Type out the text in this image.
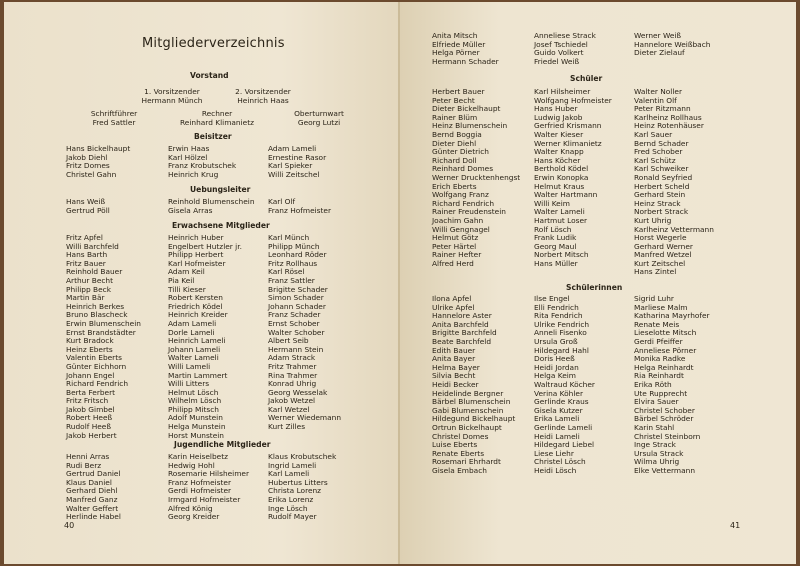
Mitgliederverzeichnis
Vorstand
1. Vorsitzender
Hermann Münch
2. Vorsitzender
Heinrich Haas
Schriftführer
Fred Sattler
Rechner
Reinhard Klimanietz
Oberturnwart
Georg Lutzi
Beisitzer
Hans Bickelhaupt
Jakob Diehl
Fritz Domes
Christel Gahn
Erwin Haas
Karl Hölzel
Franz Krobutschek
Heinrich Krug
Adam Lameli
Ernestine Rasor
Karl Spieker
Willi Zeitschel
Uebungsleiter
Hans Weiß
Gertrud Pöll
Reinhold Blumenschein
Gisela Arras
Karl Olf
Franz Hofmeister
Erwachsene Mitglieder
Fritz Apfel
Willi Barchfeld
Hans Barth
Fritz Bauer
Reinhold Bauer
Arthur Becht
Philipp Beck
Martin Bär
Heinrich Berkes
Bruno Blascheck
Erwin Blumenschein
Ernst Brandstädter
Kurt Bradock
Heinz Eberts
Valentin Eberts
Günter Eichhorn
Johann Engel
Richard Fendrich
Berta Ferbert
Fritz Fritsch
Jakob Gimbel
Robert Heeß
Rudolf Heeß
Jakob Herbert
Heinrich Huber
Engelbert Hutzler jr.
Philipp Herbert
Karl Hofmeister
Adam Keil
Pia Keil
Tilli Kieser
Robert Kersten
Friedrich Ködel
Heinrich Kreider
Adam Lameli
Dorle Lameli
Heinrich Lameli
Johann Lameli
Walter Lameli
Willi Lameli
Martin Lammert
Willi Litters
Helmut Lösch
Wilhelm Lösch
Philipp Mitsch
Adolf Munstein
Helga Munstein
Horst Munstein
Karl Münch
Philipp Münch
Leonhard Röder
Fritz Rollhaus
Karl Rösel
Franz Sattler
Brigitte Schader
Simon Schader
Johann Schader
Franz Schader
Ernst Schober
Walter Schober
Albert Seib
Hermann Stein
Adam Strack
Fritz Trahmer
Rina Trahmer
Konrad Uhrig
Georg Wesselak
Jakob Wetzel
Karl Wetzel
Werner Wiedemann
Kurt Zilles
Jugendliche Mitglieder
Henni Arras
Rudi Berz
Gertrud Daniel
Klaus Daniel
Gerhard Diehl
Manfred Ganz
Walter Geffert
Herlinde Habel
Karin Heiselbetz
Hedwig Hohl
Rosemarie Hilsheimer
Franz Hofmeister
Gerdi Hofmeister
Irmgard Hofmeister
Alfred König
Georg Kreider
Klaus Krobutschek
Ingrid Lameli
Karl Lameli
Hubertus Litters
Christa Lorenz
Erika Lorenz
Inge Lösch
Rudolf Mayer
40
Anita Mitsch
Elfriede Müller
Helga Pörner
Hermann Schader
Anneliese Strack
Josef Tschiedel
Guido Volkert
Friedel Weiß
Werner Weiß
Hannelore Weißbach
Dieter Zielauf
Schüler
Herbert Bauer
Peter Becht
Dieter Bickelhaupt
Rainer Blüm
Heinz Blumenschein
Bernd Boggia
Dieter Diehl
Günter Dietrich
Richard Doll
Reinhard Domes
Werner Drucktenhengst
Erich Eberts
Wolfgang Franz
Richard Fendrich
Rainer Freudenstein
Joachim Gahn
Willi Gengnagel
Helmut Götz
Peter Härtel
Rainer Hefter
Alfred Herd
Karl Hilsheimer
Wolfgang Hofmeister
Hans Huber
Ludwig Jakob
Gerfried Krismann
Walter Kieser
Werner Klimanietz
Walter Knapp
Hans Köcher
Berthold Ködel
Erwin Konopka
Helmut Kraus
Walter Hartmann
Willi Keim
Walter Lameli
Hartmut Loser
Rolf Lösch
Frank Ludik
Georg Maul
Norbert Mitsch
Hans Müller
Walter Noller
Valentin Olf
Peter Ritzmann
Karlheinz Rollhaus
Heinz Rotenhäuser
Karl Sauer
Bernd Schader
Fred Schober
Karl Schütz
Karl Schweiker
Ronald Seyfried
Herbert Scheld
Gerhard Stein
Heinz Strack
Norbert Strack
Kurt Uhrig
Karlheinz Vettermann
Horst Wegerle
Gerhard Werner
Manfred Wetzel
Kurt Zeitschel
Hans Zintel
Schülerinnen
Ilona Apfel
Ulrike Apfel
Hannelore Aster
Anita Barchfeld
Brigitte Barchfeld
Beate Barchfeld
Edith Bauer
Anita Bayer
Helma Bayer
Silvia Becht
Heidi Becker
Heidelinde Bergner
Bärbel Blumenschein
Gabi Blumenschein
Hildegund Bickelhaupt
Ortrun Bickelhaupt
Christel Domes
Luise Eberts
Renate Eberts
Rosemari Ehrhardt
Gisela Embach
Ilse Engel
Elli Fendrich
Rita Fendrich
Ulrike Fendrich
Anneli Fisenko
Ursula Groß
Hildegard Hahl
Doris Heeß
Heidi Jordan
Helga Keim
Waltraud Köcher
Verina Köhler
Gerlinde Kraus
Gisela Kutzer
Erika Lameli
Gerlinde Lameli
Heidi Lameli
Hildegard Liebel
Liese Liehr
Christel Lösch
Heidi Lösch
Sigrid Luhr
Marliese Malm
Katharina Mayrhofer
Renate Meis
Lieselotte Mitsch
Gerdi Pfeiffer
Anneliese Pörner
Monika Radke
Helga Reinhardt
Ria Reinhardt
Erika Röth
Ute Rupprecht
Elvira Sauer
Christel Schober
Bärbel Schröder
Karin Stahl
Christel Steinborn
Inge Strack
Ursula Strack
Wilma Uhrig
Elke Vettermann
41
